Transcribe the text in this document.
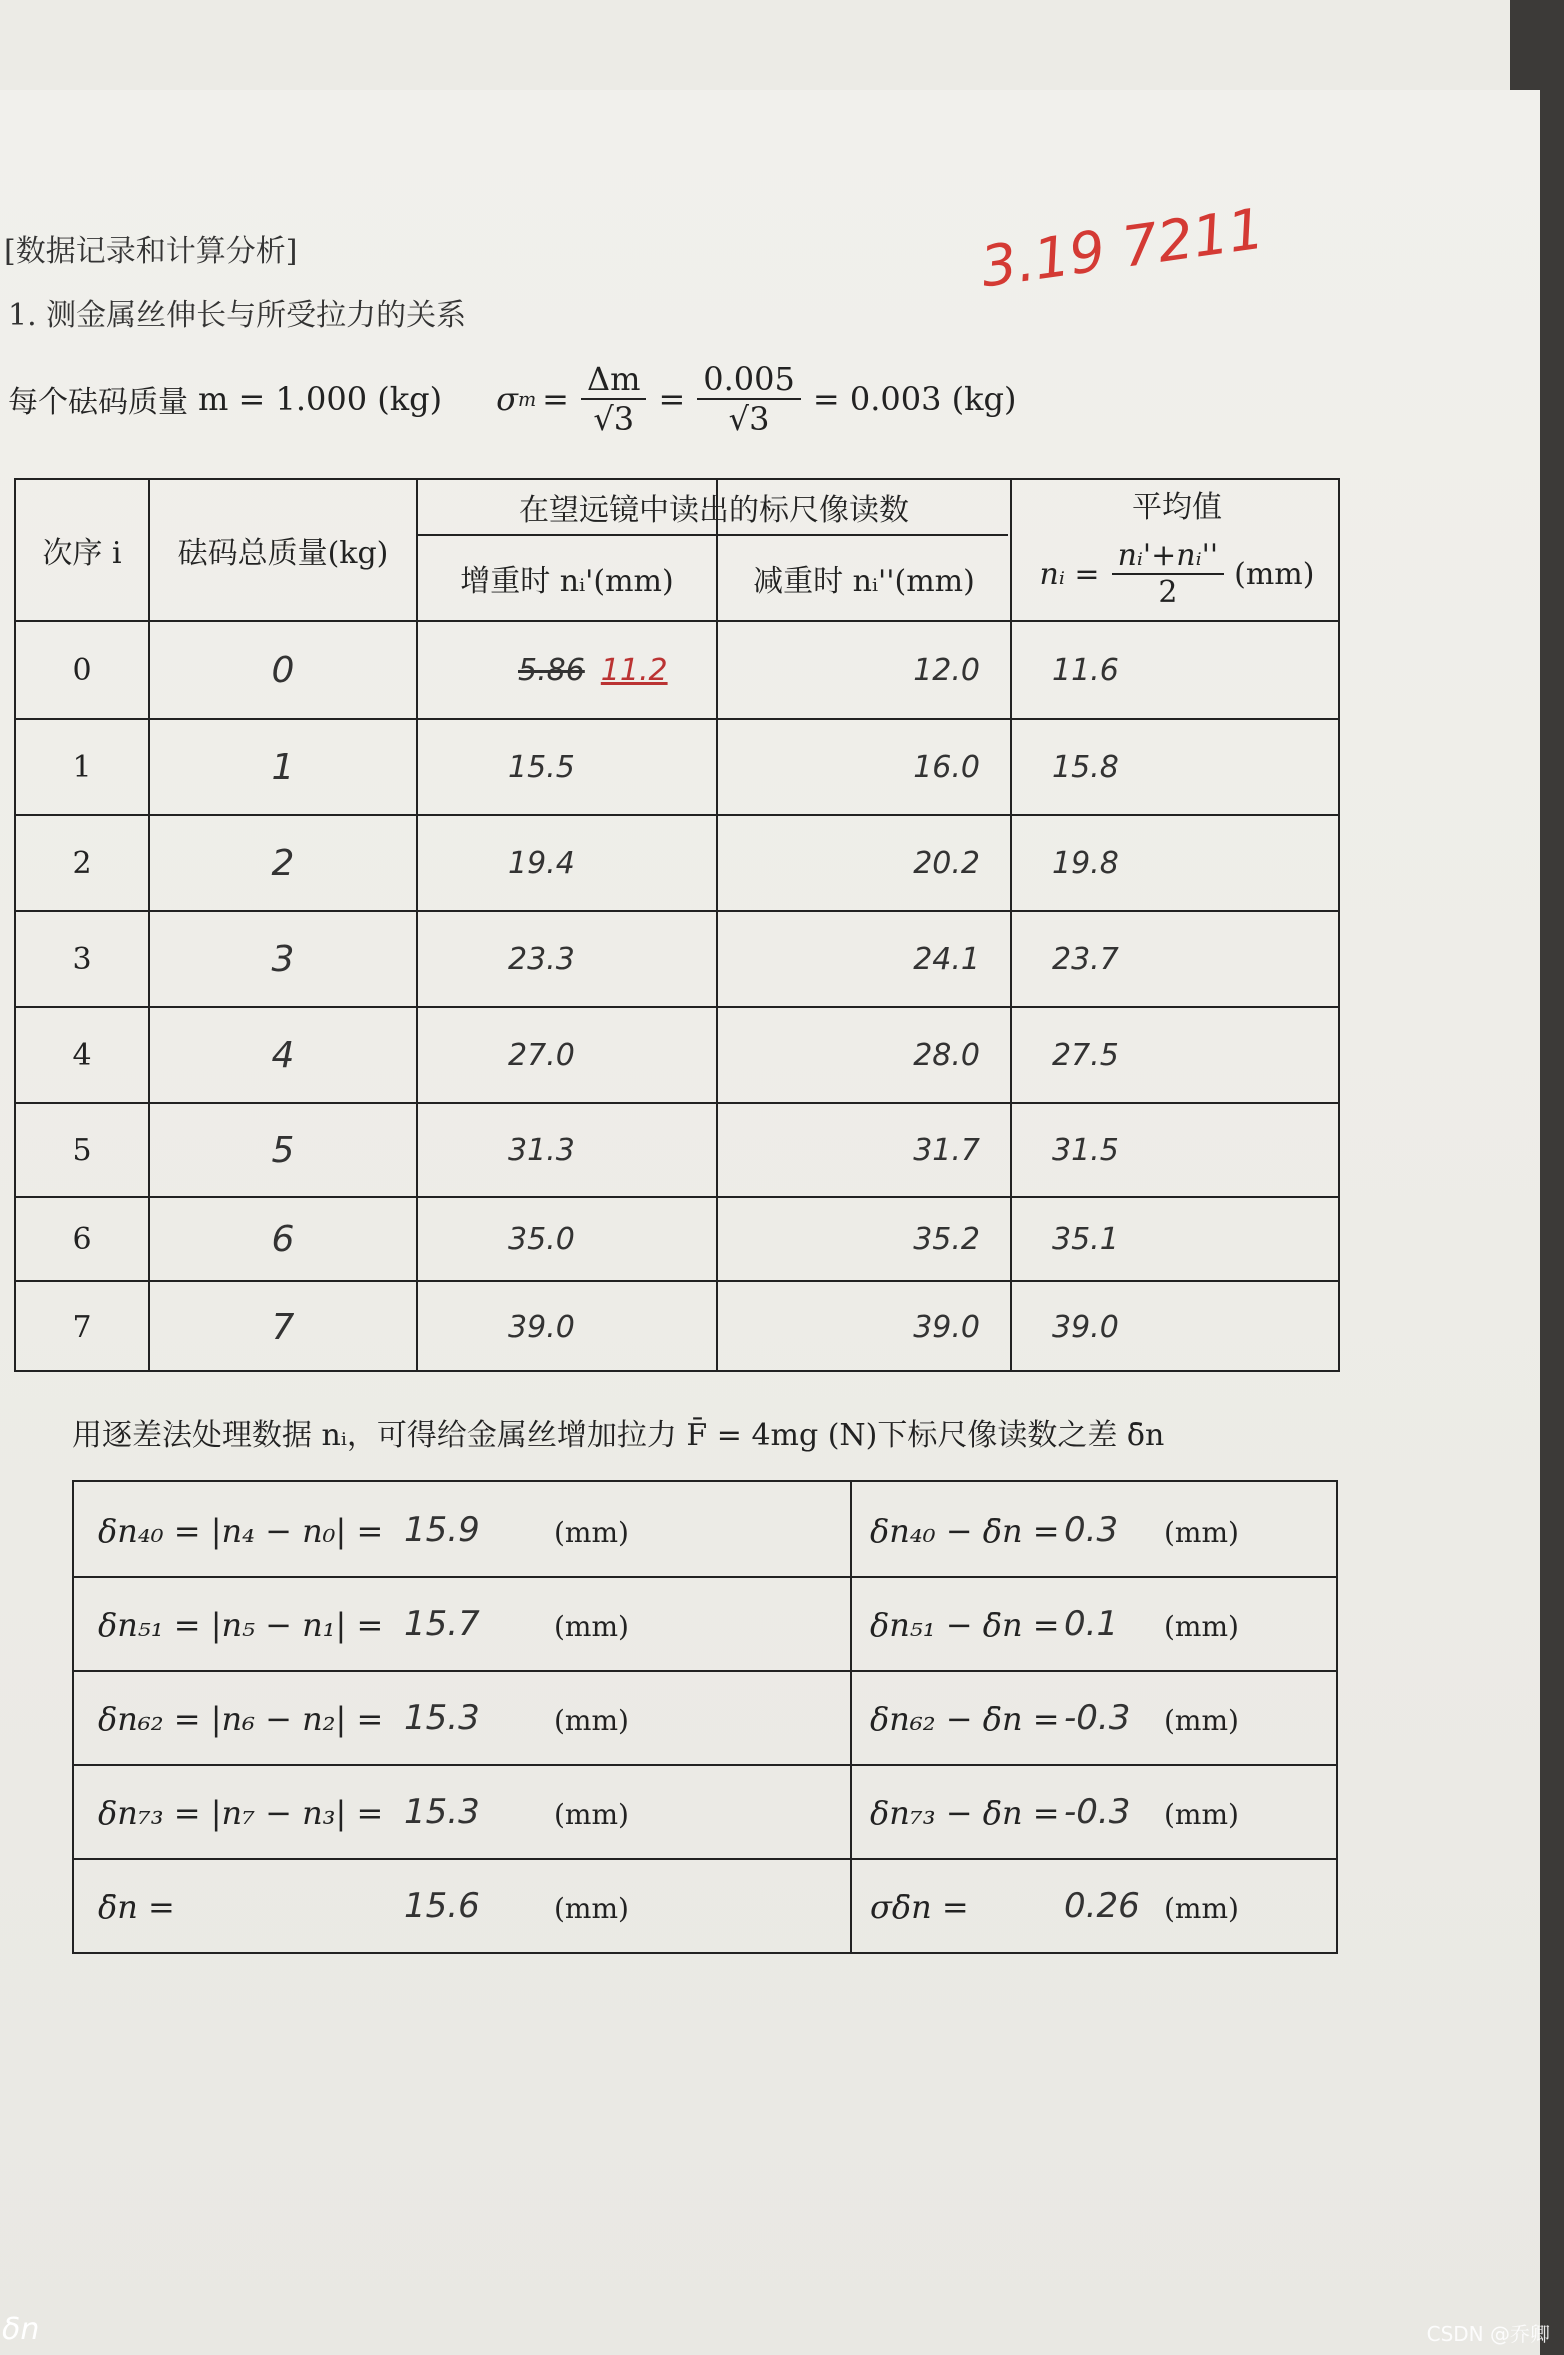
[数据记录和计算分析]
1. 测金属丝伸长与所受拉力的关系
3.19 7211
每个砝码质量 m = 1.000 (kg) σ $m = \frac{\Delta m}{√3} = \frac{0.005}{√3} = 0.003$ (kg)
次序 i	砝码总质量(kg)
在望远镜中读出的标尺像读数
增重时 nᵢ'(mm)	减重时 nᵢ''(mm)
平均值
nᵢ = $\frac{\text{nᵢ'+nᵢ''}}{2} (mm)$
0	0	5.86 11.2	12.0	11.6
1	1	15.5	16.0	15.8
2	2	19.4	20.2	19.8
3	3	23.3	24.1	23.7
4	4	27.0	28.0	27.5
5	5	31.3	31.7	31.5
6	6	35.0	35.2	35.1
7	7	39.0	39.0	39.0
用逐差法处理数据 nᵢ，可得给金属丝增加拉力 F̄ = 4mg (N)下标尺像读数之差 δ̄n
δn₄₀ = |n₄ − n₀| = 15.9	(mm)	δn₄₀ − δ̄n = 0.3 (mm)
δn₅₁ = |n₅ − n₁| = 15.7	(mm)	δn₅₁ − δ̄n = 0.1 (mm)
δn₆₂ = |n₆ − n₂| = 15.3	(mm)	δn₆₂ − δ̄n = -0.3 (mm)
δn₇₃ = |n₇ − n₃| = 15.3	(mm)	δn₇₃ − δ̄n = -0.3 (mm)
δ̄n =	15.6	(mm)	σδ̄n =	0.26 (mm)
δn	CSDN @乔卿
